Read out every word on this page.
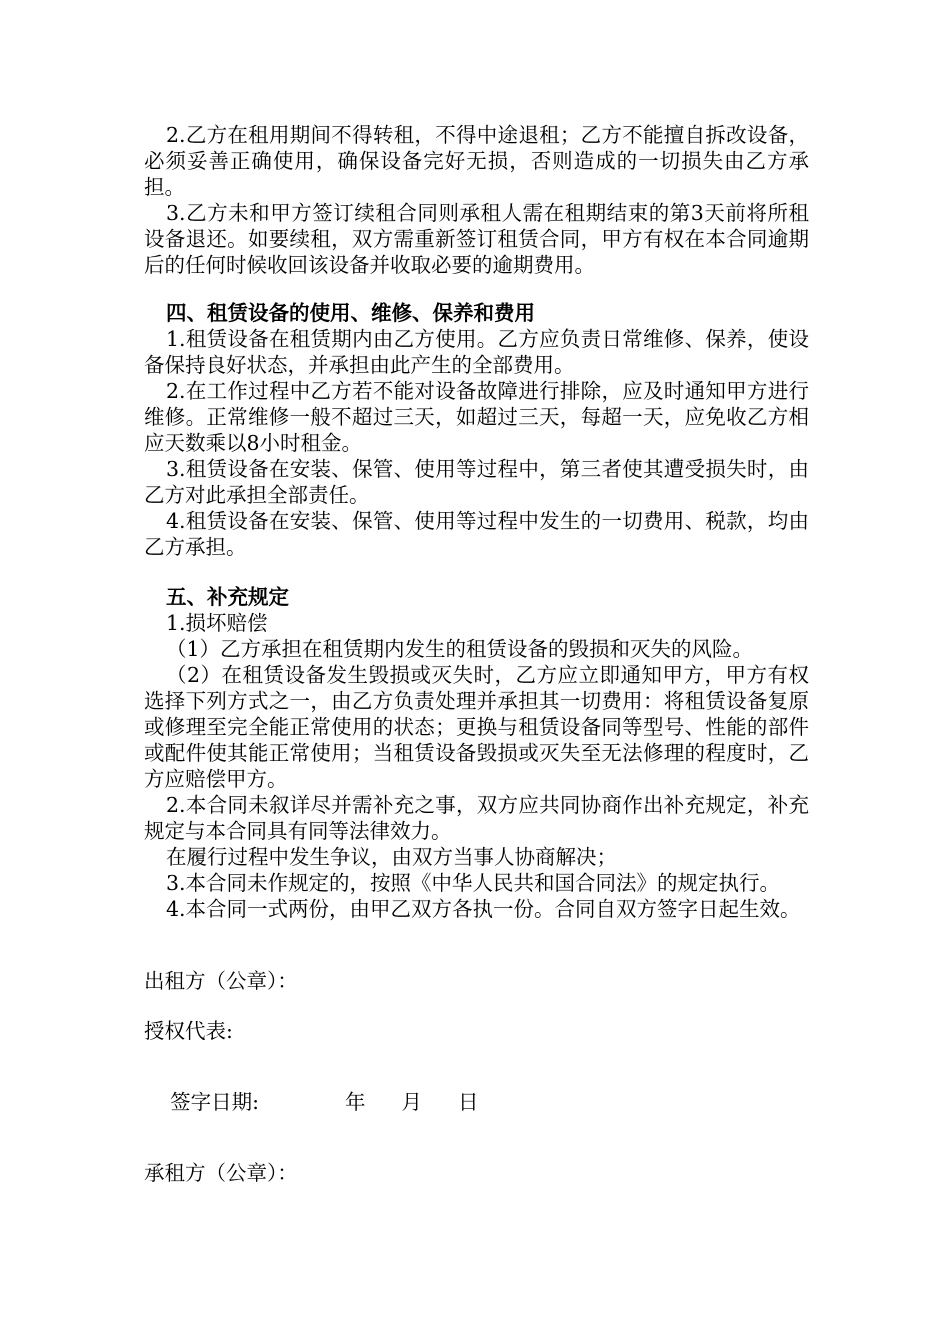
2.乙方在租用期间不得转租，不得中途退租；乙方不能擅自拆改设备，必须妥善正确使用，确保设备完好无损，否则造成的一切损失由乙方承担。

3.乙方未和甲方签订续租合同则承租人需在租期结束的第3天前将所租设备退还。如要续租，双方需重新签订租赁合同，甲方有权在本合同逾期后的任何时候收回该设备并收取必要的逾期费用。

四、租赁设备的使用、维修、保养和费用

1.租赁设备在租赁期内由乙方使用。乙方应负责日常维修、保养，使设备保持良好状态，并承担由此产生的全部费用。

2.在工作过程中乙方若不能对设备故障进行排除，应及时通知甲方进行维修。正常维修一般不超过三天，如超过三天，每超一天，应免收乙方相应天数乘以8小时租金。

3.租赁设备在安装、保管、使用等过程中，第三者使其遭受损失时，由乙方对此承担全部责任。

4.租赁设备在安装、保管、使用等过程中发生的一切费用、税款，均由乙方承担。

五、补充规定

1.损坏赔偿

（1）乙方承担在租赁期内发生的租赁设备的毁损和灭失的风险。

（2）在租赁设备发生毁损或灭失时，乙方应立即通知甲方，甲方有权选择下列方式之一，由乙方负责处理并承担其一切费用：将租赁设备复原或修理至完全能正常使用的状态；更换与租赁设备同等型号、性能的部件或配件使其能正常使用；当租赁设备毁损或灭失至无法修理的程度时，乙方应赔偿甲方。

2.本合同未叙详尽并需补充之事，双方应共同协商作出补充规定，补充规定与本合同具有同等法律效力。

在履行过程中发生争议，由双方当事人协商解决；

3.本合同未作规定的，按照《中华人民共和国合同法》的规定执行。

4.本合同一式两份，由甲乙双方各执一份。合同自双方签字日起生效。

出租方（公章）：
授权代表:

签字日期:	年 月 日

承租方（公章）：
